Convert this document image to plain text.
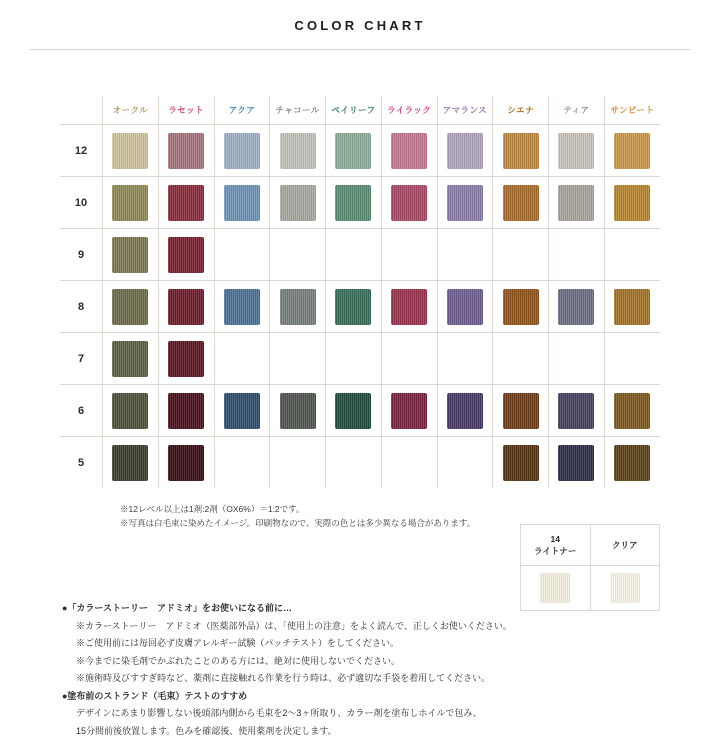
COLOR CHART
	オークル	ラセット	アクア	チャコール	ペイリーフ	ライラック	アマランス	シエナ	ティア	サンビート
12	

10	

9	

8	

7	

6	

5	

※12レベル以上は1剤:2剤（OX6%）＝1:2です。
※写真は白毛束に染めたイメージ。印刷物なので、実際の色とは多少異なる場合があります。
14
ライトナー	クリア

●「カラーストーリー　アドミオ」をお使いになる前に…
※カラーストーリー　アドミオ（医薬部外品）は、「使用上の注意」をよく読んで、正しくお使いください。
※ご使用前には毎回必ず皮膚アレルギー試験（パッチテスト）をしてください。
※今までに染毛剤でかぶれたことのある方には、絶対に使用しないでください。
※施術時及びすすぎ時など、薬剤に直接触れる作業を行う時は、必ず適切な手袋を着用してください。
●塗布前のストランド（毛束）テストのすすめ
デザインにあまり影響しない後頭部内側から毛束を2〜3ヶ所取り、カラー剤を塗布しホイルで包み、
15分間前後放置します。色みを確認後、使用薬剤を決定します。
